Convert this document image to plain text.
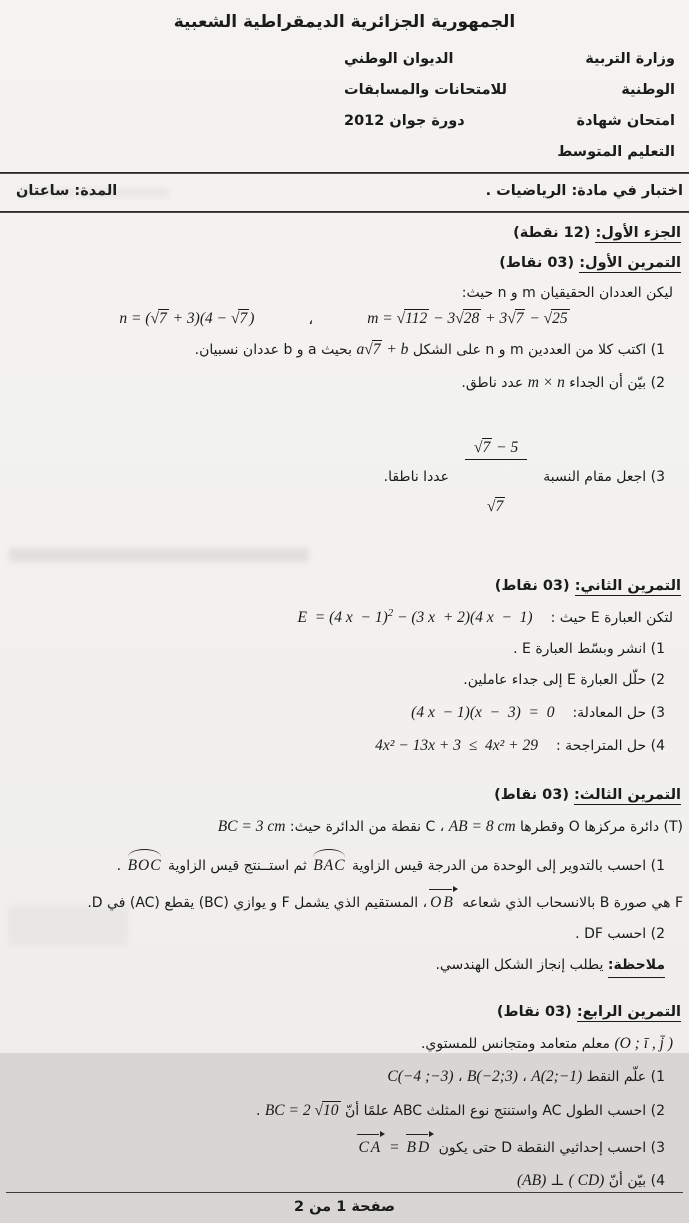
الجمهورية الجزائرية الديمقراطية الشعبية
وزارة التربية الوطنية
امتحان شهادة التعليم المتوسط
الديوان الوطني للامتحانات والمسابقات
دورة جوان 2012
اختبار في مادة: الرياضيات .
المدة: ساعتان
الجزء الأول: (12 نقطة)
التمرين الأول: (03 نقاط)
ليكن العددان الحقيقيان m و n حيث:
m = √112 − 3√28 + 3√7 − √25
،
n = (√7 + 3)(4 − √7 )
1) اكتب كلا من العددين m و n على الشكل a√7 + b بحيث a و b عددان نسبيان.
2) بيّن أن الجداء m × n عدد ناطق.
3) اجعل مقام النسبة

$\frac{√7 - 5}{√7}$

عددا ناطقا.
التمرين الثاني: (03 نقاط)
لتكن العبارة E حيث :E  = (4 x  − 1)$^2$ − (3 x  + 2)(4 x  −  1)
1) انشر وبسّط العبارة E .
2) حلّل العبارة E إلى جداء عاملين.
3) حل المعادلة:(4 x  − 1)(x  −  3)  =  0
4) حل المتراجحة :4x² − 13x + 3  ≤  4x² + 29
التمرين الثالث: (03 نقاط)
(T) دائرة مركزها O وقطرها AB = 8 cm ، C نقطة من الدائرة حيث: BC = 3 cm
1) احسب بالتدوير إلى الوحدة من الدرجة قيس الزاوية BAC ثم استــنتج قيس الزاوية BOC .
F هي صورة B بالانسحاب الذي شعاعه OB، المستقيم الذي يشمل F و يوازي (BC) يقطع (AC) في D.
2) احسب DF .
ملاحظة: يطلب إنجاز الشكل الهندسي.
التمرين الرابع: (03 نقاط)
(O ; ī , j̄ ) معلم متعامد ومتجانس للمستوي.
1) علّم النقط A(2;−1) ، B(−2;3) ، C(−4 ;−3)
2) احسب الطول AC واستنتج نوع المثلث ABC علمًا أنّ BC = 2 √10 .
3) احسب إحداثيي النقطة D حتى يكون CA = BD
4) بيّن أنّ (AB) ⊥ ( CD)
صفحة 1 من 2
